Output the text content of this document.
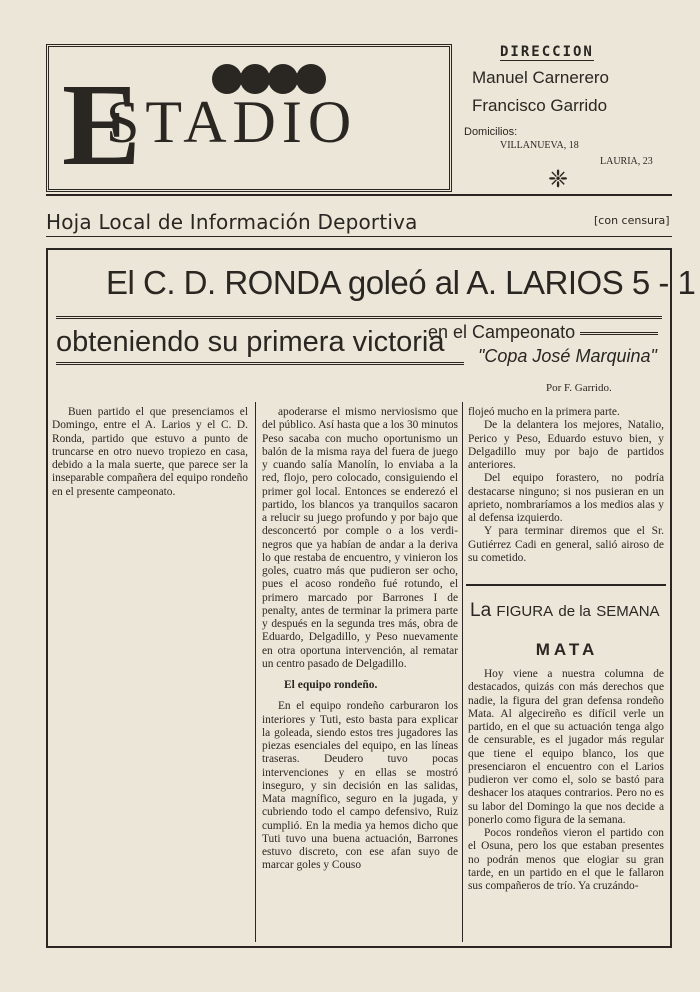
E
STADIO
DIRECCION
Manuel Carnerero
Francisco Garrido
Domicilios:
VILLANUEVA, 18
LAURIA, 23
❈
Hoja Local de Información Deportiva	[con censura]
El C. D. RONDA goleó al A. LARIOS 5 - 1
obteniendo su primera victoria
en el Campeonato
"Copa José Marquina"
Por F. Garrido.

Buen partido el que presenciamos el Domingo, entre el A. Larios y el C. D. Ronda, partido que estuvo a punto de truncarse en otro nuevo tropiezo en casa, debido a la mala suerte, que parece ser la inseparable compañera del equipo rondeño en el presente campeonato.

apoderarse el mismo nerviosismo que del público. Así hasta que a los 30 minutos Peso sacaba con mucho oportunismo un balón de la misma raya del fuera de juego y cuando salía Manolín, lo enviaba a la red, flojo, pero colocado, consiguiendo el primer gol local. Entonces se enderezó el partido, los blancos ya tranquilos sacaron a relucir su juego profundo y por bajo que desconcertó por comple o a los verdi-negros que ya habían de andar a la deriva lo que restaba de encuentro, y vinieron los goles, cuatro más que pudieron ser ocho, pues el acoso rondeño fué rotundo, el primero marcado por Barrones I de penalty, antes de terminar la primera parte y después en la segunda tres más, obra de Eduardo, Delgadillo, y Peso nuevamente en otra oportuna intervención, al rematar un centro pasado de Delgadillo.

El equipo rondeño.

En el equipo rondeño carburaron los interiores y Tuti, esto basta para explicar la goleada, siendo estos tres jugadores las piezas esenciales del equipo, en las líneas traseras. Deudero tuvo pocas intervenciones y en ellas se mostró inseguro, y sin decisión en las salidas, Mata magnífico, seguro en la jugada, y cubriendo todo el campo defensivo, Ruiz cumplió. En la media ya hemos dicho que Tuti tuvo una buena actuación, Barrones estuvo discreto, con ese afan suyo de marcar goles y Couso

flojeó mucho en la primera parte.

De la delantera los mejores, Natalio, Perico y Peso, Eduardo estuvo bien, y Delgadillo muy por bajo de partidos anteriores.

Del equipo forastero, no podría destacarse ninguno; si nos pusieran en un aprieto, nombraríamos a los medios alas y al defensa izquierdo.

Y para terminar diremos que el Sr. Gutiérrez Cadi en general, salió airoso de su cometido.

La FIGURA de la SEMANA
MATA

Hoy viene a nuestra columna de destacados, quizás con más derechos que nadie, la figura del gran defensa rondeño Mata. Al algecireño es difícil verle un partido, en el que su actuación tenga algo de censurable, es el jugador más regular que tiene el equipo blanco, los que presenciaron el encuentro con el Larios pudieron ver como el, solo se bastó para deshacer los ataques contrarios. Pero no es su labor del Domingo la que nos decide a ponerlo como figura de la semana.

Pocos rondeños vieron el partido con el Osuna, pero los que estaban presentes no podrán menos que elogiar su gran tarde, en un partido en el que le fallaron sus compañeros de trío. Ya cruzándo-
